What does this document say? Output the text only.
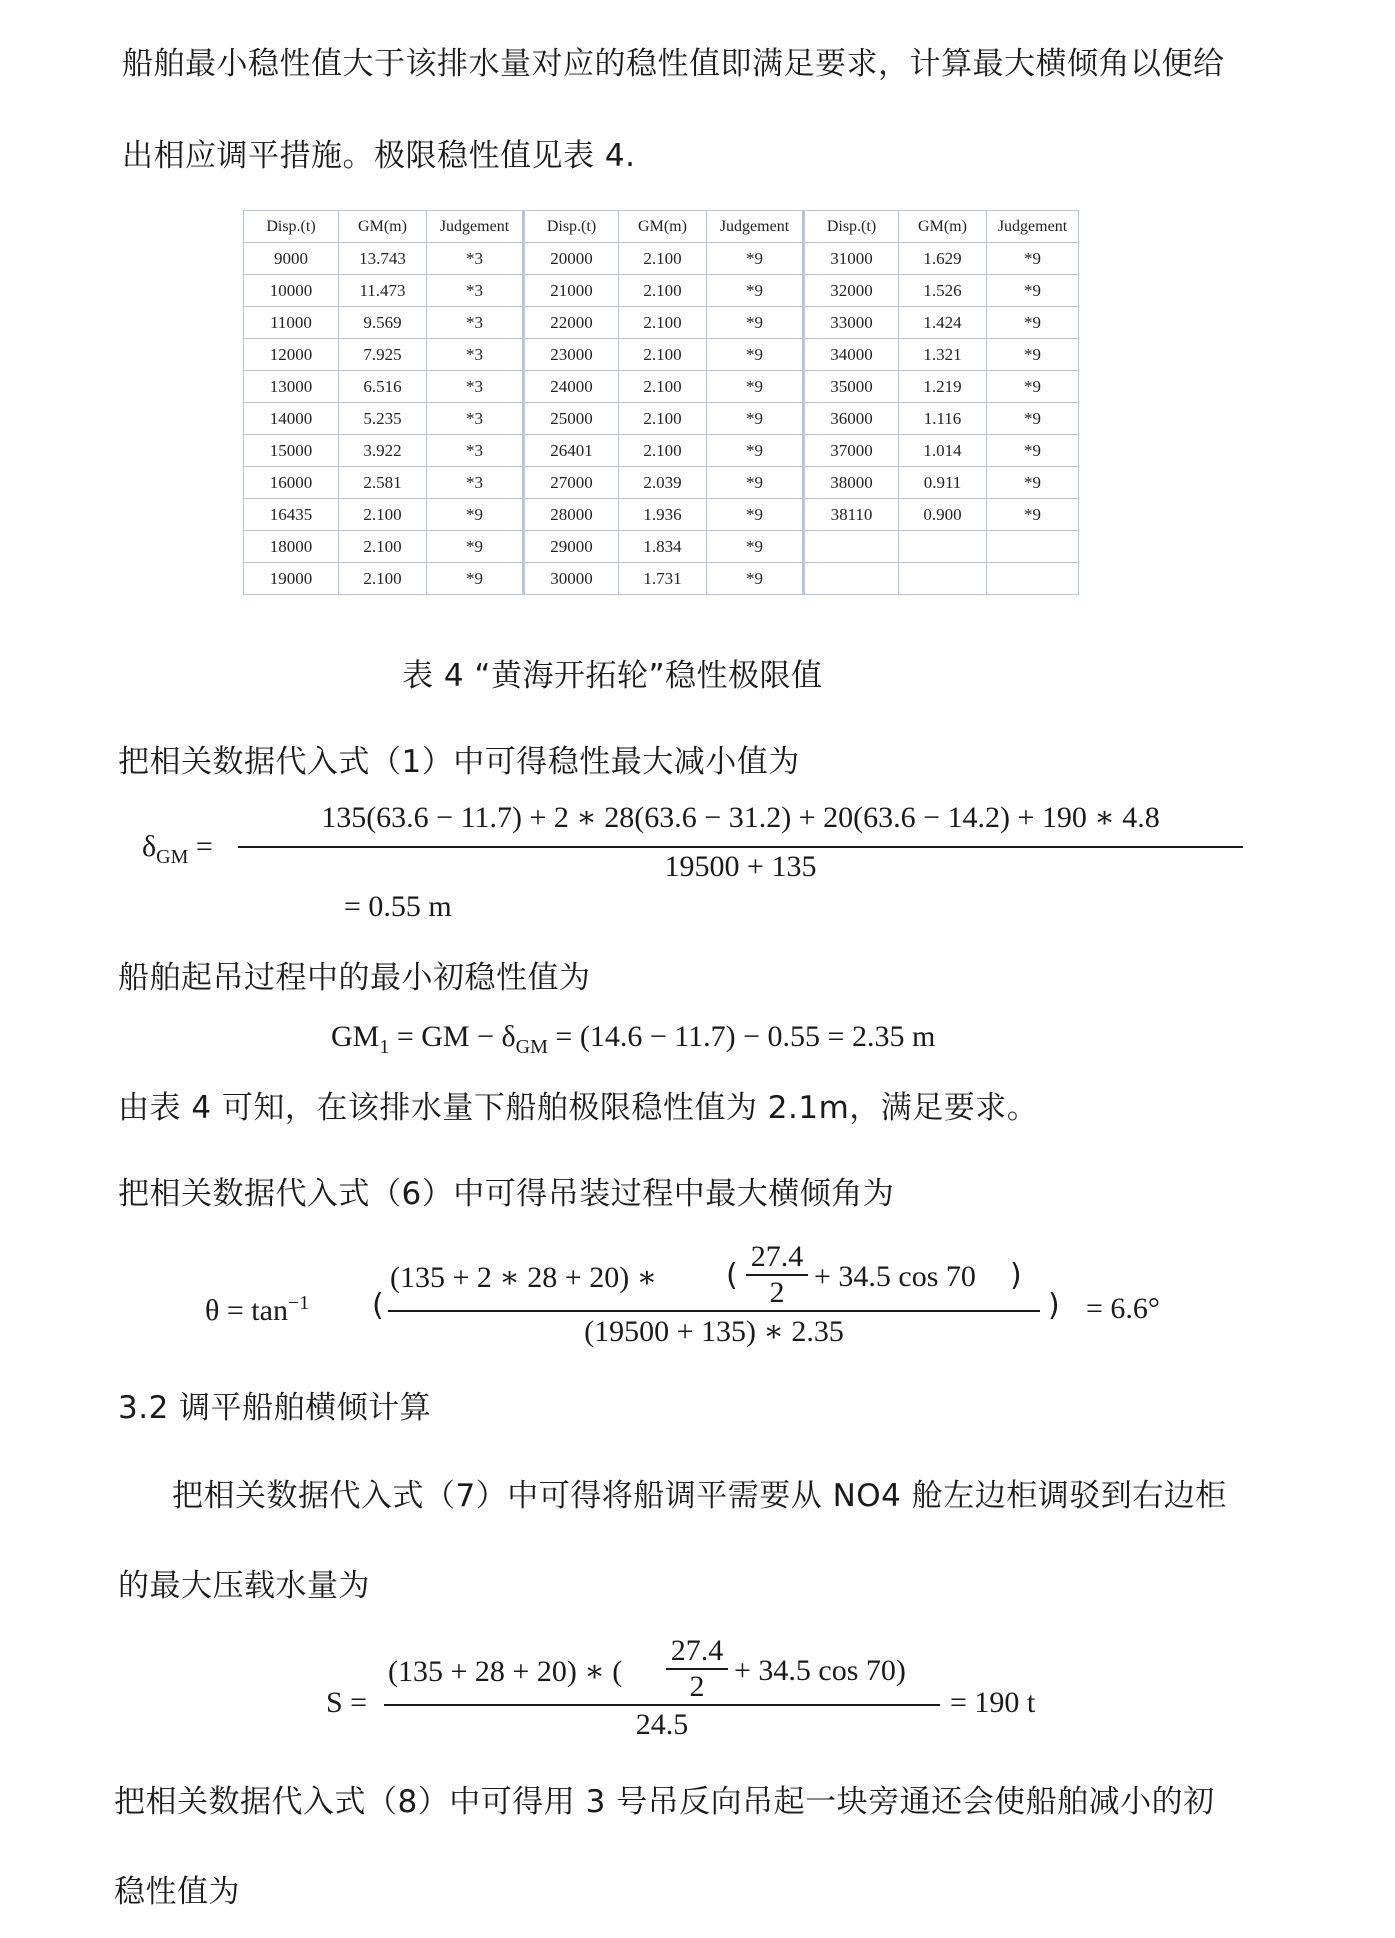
船舶最小稳性值大于该排水量对应的稳性值即满足要求，计算最大横倾角以便给
出相应调平措施。极限稳性值见表 4.
Disp.(t)	GM(m)	Judgement	Disp.(t)	GM(m)	Judgement	Disp.(t)	GM(m)	Judgement
9000	13.743	*3	20000	2.100	*9	31000	1.629	*9
10000	11.473	*3	21000	2.100	*9	32000	1.526	*9
11000	9.569	*3	22000	2.100	*9	33000	1.424	*9
12000	7.925	*3	23000	2.100	*9	34000	1.321	*9
13000	6.516	*3	24000	2.100	*9	35000	1.219	*9
14000	5.235	*3	25000	2.100	*9	36000	1.116	*9
15000	3.922	*3	26401	2.100	*9	37000	1.014	*9
16000	2.581	*3	27000	2.039	*9	38000	0.911	*9
16435	2.100	*9	28000	1.936	*9	38110	0.900	*9
18000	2.100	*9	29000	1.834	*9			
19000	2.100	*9	30000	1.731	*9			
表 4 “黄海开拓轮”稳性极限值
把相关数据代入式（1）中可得稳性最大减小值为
$\delta_{GM}$ =
135(63.6 − 11.7) + 2 ∗ 28(63.6 − 31.2) + 20(63.6 − 14.2) + 190 ∗ 4.8
19500 + 135
= 0.55 m
船舶起吊过程中的最小初稳性值为
$GM_1$ = GM − $\delta_{GM} = (14.6 - 11.7) - 0.55 = 2.35$ m
由表 4 可知，在该排水量下船舶极限稳性值为 2.1m，满足要求。
把相关数据代入式（6）中可得吊装过程中最大横倾角为
$\theta = \tan^{-1}$ (
(135 + 2 ∗ 28 + 20) ∗ (
27.4
2 + 34.5 cos 70 )
(19500 + 135) ∗ 2.35
) = 6.6°
3.2 调平船舶横倾计算
把相关数据代入式（7）中可得将船调平需要从 NO4 舱左边柜调驳到右边柜
的最大压载水量为
S =
(135 + 28 + 20) ∗ (
27.4
2 + 34.5 cos 70)
24.5
= 190 t
把相关数据代入式（8）中可得用 3 号吊反向吊起一块旁通还会使船舶减小的初
稳性值为
